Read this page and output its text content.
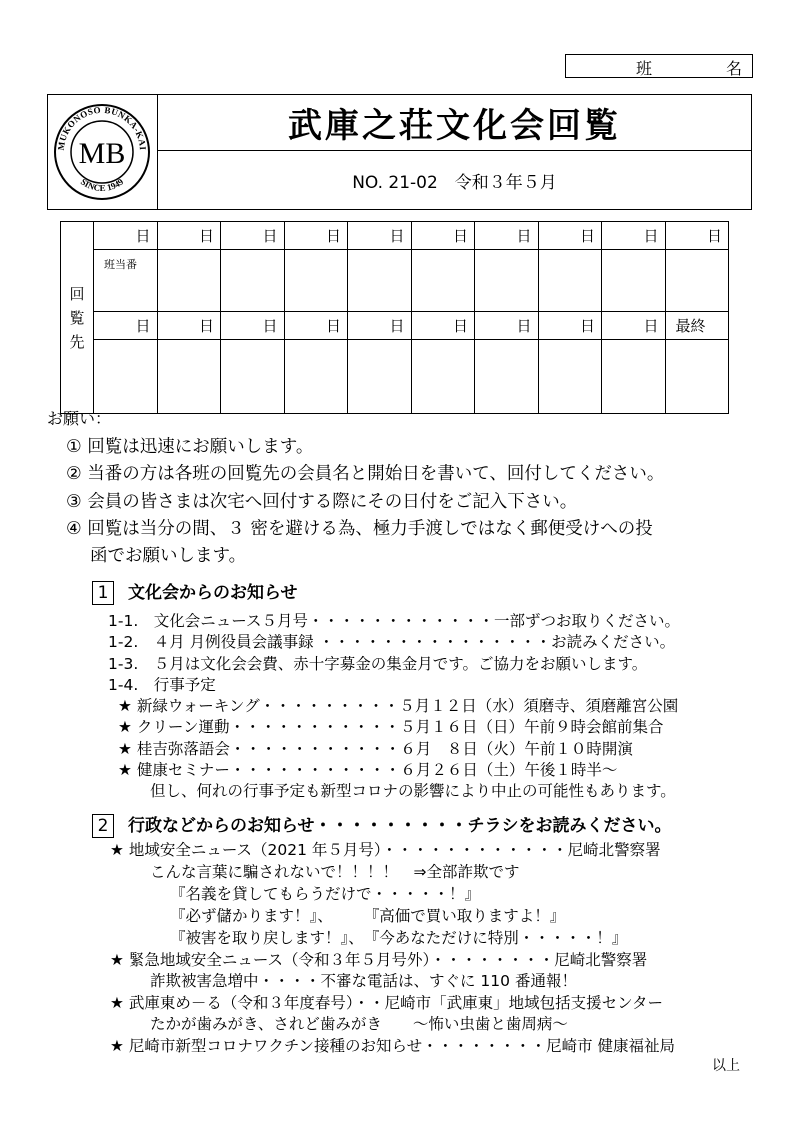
班	名
MUKONOSO BUNKA-KAI
SINCE 1949
MB
武庫之荘文化会回覧
NO. 21-02　令和３年５月
回
覧
先	日	日	日	日	日	日	日	日	日	日
	班当番									
	日	日	日	日	日	日	日	日	日	最終

お願い：
① 回覧は迅速にお願いします。
② 当番の方は各班の回覧先の会員名と開始日を書いて、回付してください。
③ 会員の皆さまは次宅へ回付する際にその日付をご記入下さい。
④ 回覧は当分の間、３ 密を避ける為、極力手渡しではなく郵便受けへの投
函でお願いします。
1 文化会からのお知らせ
1-1.　文化会ニュース５月号・・・・・・・・・・・・一部ずつお取りください。
1-2.　４月 月例役員会議事録 ・・・・・・・・・・・・・・・お読みください。
1-3.　５月は文化会会費、赤十字募金の集金月です。ご協力をお願いします。
1-4.　行事予定
★ 新緑ウォーキング・・・・・・・・・５月１２日（水）須磨寺、須磨離宮公園
★ クリーン運動・・・・・・・・・・・５月１６日（日）午前９時会館前集合
★ 桂吉弥落語会・・・・・・・・・・・６月　８日（火）午前１０時開演
★ 健康セミナー・・・・・・・・・・・６月２６日（土）午後１時半～
但し、何れの行事予定も新型コロナの影響により中止の可能性もあります。
2 行政などからのお知らせ・・・・・・・・・チラシをお読みください。
★ 地域安全ニュース（2021 年５月号）・・・・・・・・・・・・尼崎北警察署
こんな言葉に騙されないで！！！！　⇒全部詐欺です
『名義を貸してもらうだけで・・・・・！』
『必ず儲かります！』、　　　『高価で買い取りますよ！』
『被害を取り戻します！』、　『今あなただけに特別・・・・・！』
★ 緊急地域安全ニュース（令和３年５月号外）・・・・・・・・尼崎北警察署
詐欺被害急増中・・・・不審な電話は、すぐに 110 番通報！
★ 武庫東め－る（令和３年度春号）・・尼崎市「武庫東」地域包括支援センター
たかが歯みがき、されど歯みがき　　～怖い虫歯と歯周病～
★ 尼崎市新型コロナワクチン接種のお知らせ・・・・・・・・尼崎市 健康福祉局
以上
